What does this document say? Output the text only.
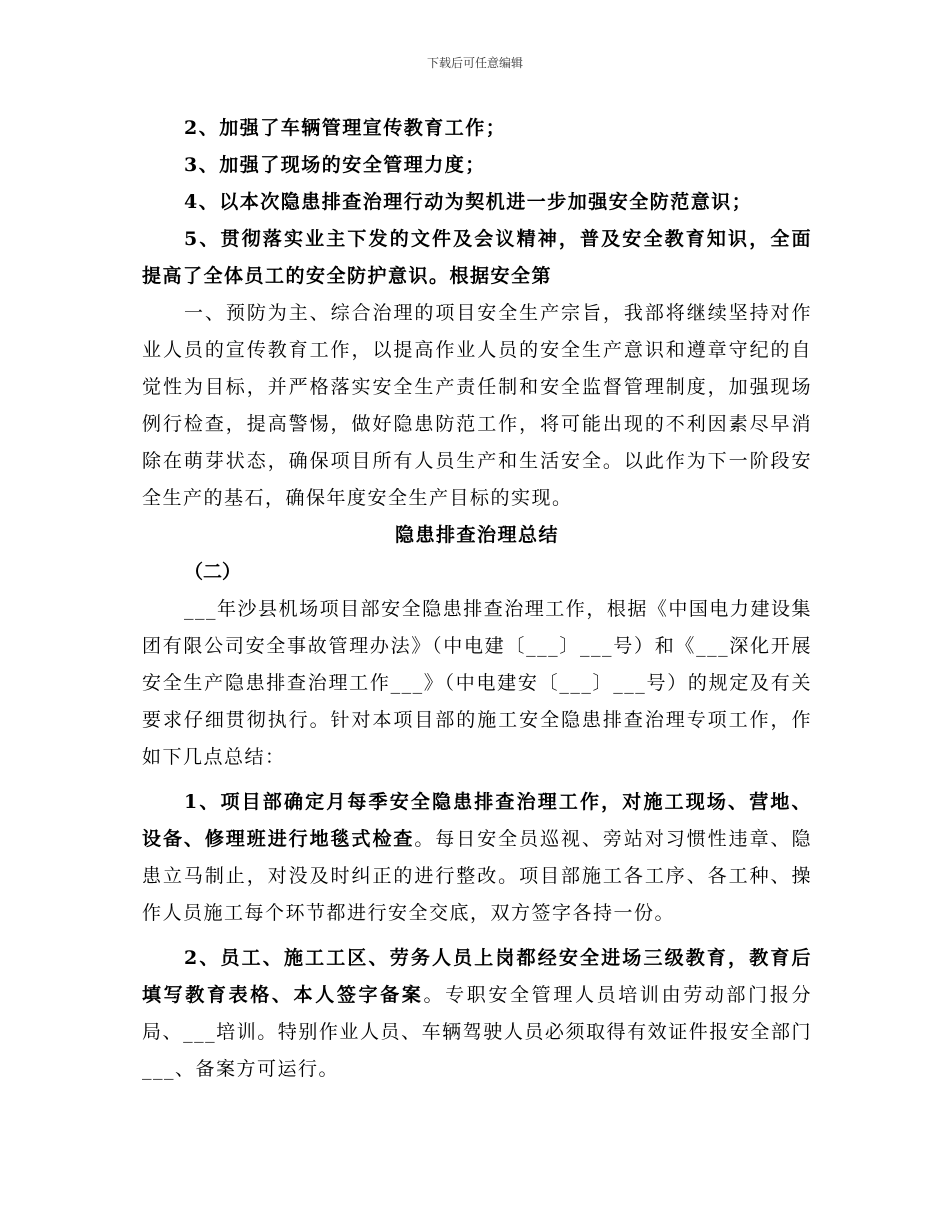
下载后可任意编辑

2、加强了车辆管理宣传教育工作；

3、加强了现场的安全管理力度；

4、以本次隐患排查治理行动为契机进一步加强安全防范意识；

5、贯彻落实业主下发的文件及会议精神，普及安全教育知识，全面提高了全体员工的安全防护意识。根据安全第

一、预防为主、综合治理的项目安全生产宗旨，我部将继续坚持对作业人员的宣传教育工作，以提高作业人员的安全生产意识和遵章守纪的自觉性为目标，并严格落实安全生产责任制和安全监督管理制度，加强现场例行检查，提高警惕，做好隐患防范工作，将可能出现的不利因素尽早消除在萌芽状态，确保项目所有人员生产和生活安全。以此作为下一阶段安全生产的基石，确保年度安全生产目标的实现。

隐患排查治理总结

（二）

___年沙县机场项目部安全隐患排查治理工作，根据《中国电力建设集团有限公司安全事故管理办法》（中电建〔___〕___号）和《___深化开展安全生产隐患排查治理工作___》（中电建安〔___〕___号）的规定及有关要求仔细贯彻执行。针对本项目部的施工安全隐患排查治理专项工作，作如下几点总结：

1、项目部确定月每季安全隐患排查治理工作，对施工现场、营地、设备、修理班进行地毯式检查。每日安全员巡视、旁站对习惯性违章、隐患立马制止，对没及时纠正的进行整改。项目部施工各工序、各工种、操作人员施工每个环节都进行安全交底，双方签字各持一份。

2、员工、施工工区、劳务人员上岗都经安全进场三级教育，教育后填写教育表格、本人签字备案。专职安全管理人员培训由劳动部门报分局、___培训。特别作业人员、车辆驾驶人员必须取得有效证件报安全部门___、备案方可运行。
